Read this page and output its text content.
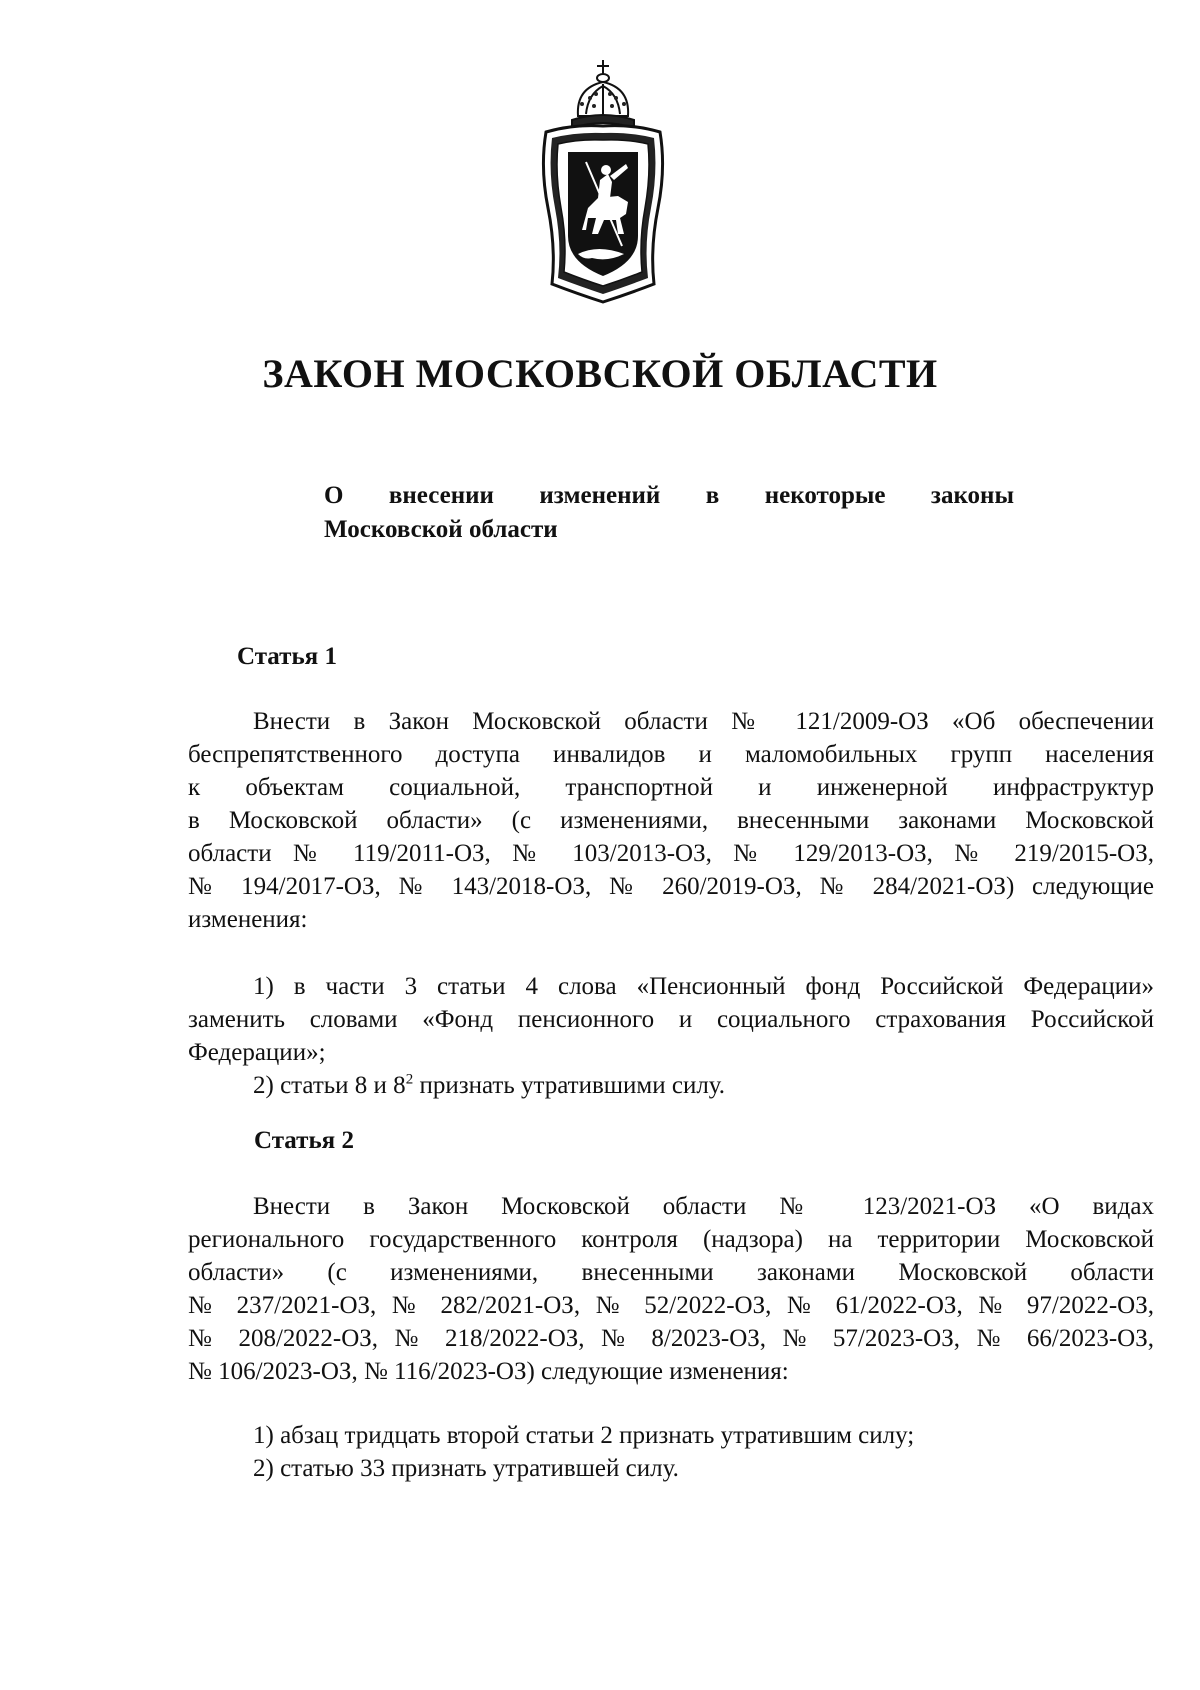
ЗАКОН МОСКОВСКОЙ ОБЛАСТИ
О внесении изменений в некоторые законы
Московской области
Статья 1
Внести в Закон Московской области № 121/2009-ОЗ «Об обеспечении
беспрепятственного доступа инвалидов и маломобильных групп населения
к объектам социальной, транспортной и инженерной инфраструктур
в Московской области» (с изменениями, внесенными законами Московской
области № 119/2011-ОЗ, № 103/2013-ОЗ, № 129/2013-ОЗ, № 219/2015-ОЗ,
№ 194/2017-ОЗ, № 143/2018-ОЗ, № 260/2019-ОЗ, № 284/2021-ОЗ) следующие
изменения:
1) в части 3 статьи 4 слова «Пенсионный фонд Российской Федерации»
заменить словами «Фонд пенсионного и социального страхования Российской
Федерации»;
2) статьи 8 и $8^2$ признать утратившими силу.
Статья 2
Внести в Закон Московской области № 123/2021-ОЗ «О видах
регионального государственного контроля (надзора) на территории Московской
области» (с изменениями, внесенными законами Московской области
№ 237/2021-ОЗ, № 282/2021-ОЗ, № 52/2022-ОЗ, № 61/2022-ОЗ, № 97/2022-ОЗ,
№ 208/2022-ОЗ, № 218/2022-ОЗ, № 8/2023-ОЗ, № 57/2023-ОЗ, № 66/2023-ОЗ,
№ 106/2023-ОЗ, № 116/2023-ОЗ) следующие изменения:
1) абзац тридцать второй статьи 2 признать утратившим силу;
2) статью 33 признать утратившей силу.
